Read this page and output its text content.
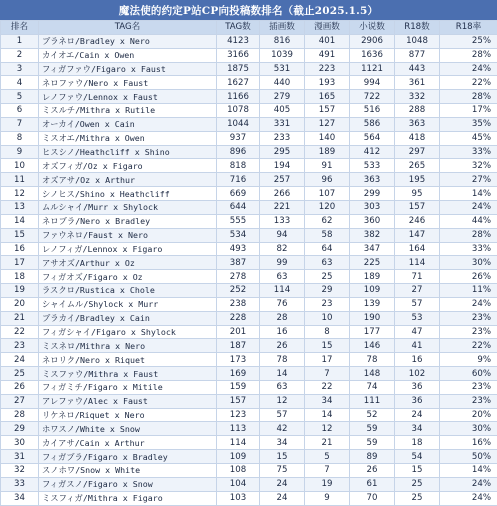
魔法使的约定P站CP向投稿数排名（截止2025.1.5）
排名	TAG名	TAG数	插画数	漫画数	小说数	R18数	R18率
1	ブラネロ/Bradley x Nero	4123	816	401	2906	1048	25%
2	カイオエ/Cain x Owen	3166	1039	491	1636	877	28%
3	フィガファウ/Figaro x Faust	1875	531	223	1121	443	24%
4	ネロファウ/Nero x Faust	1627	440	193	994	361	22%
5	レノファウ/Lennox x Faust	1166	279	165	722	332	28%
6	ミスルチ/Mithra x Rutile	1078	405	157	516	288	17%
7	オーカイ/Owen x Cain	1044	331	127	586	363	35%
8	ミスオエ/Mithra x Owen	937	233	140	564	418	45%
9	ヒスシノ/Heathcliff x Shino	896	295	189	412	297	33%
10	オズフィガ/Oz x Figaro	818	194	91	533	265	32%
11	オズアサ/Oz x Arthur	716	257	96	363	195	27%
12	シノヒス/Shino x Heathcliff	669	266	107	299	95	14%
13	ムルシャイ/Murr x Shylock	644	221	120	303	157	24%
14	ネロブラ/Nero x Bradley	555	133	62	360	246	44%
15	ファウネロ/Faust x Nero	534	94	58	382	147	28%
16	レノフィガ/Lennox x Figaro	493	82	64	347	164	33%
17	アサオズ/Arthur x Oz	387	99	63	225	114	30%
18	フィガオズ/Figaro x Oz	278	63	25	189	71	26%
19	ラスクロ/Rustica x Chole	252	114	29	109	27	11%
20	シャイムル/Shylock x Murr	238	76	23	139	57	24%
21	ブラカイ/Bradley x Cain	228	28	10	190	53	23%
22	フィガシャイ/Figaro x Shylock	201	16	8	177	47	23%
23	ミスネロ/Mithra x Nero	187	26	15	146	41	22%
24	ネロリク/Nero x Riquet	173	78	17	78	16	9%
25	ミスファウ/Mithra x Faust	169	14	7	148	102	60%
26	フィガミチ/Figaro x Mitile	159	63	22	74	36	23%
27	アレファウ/Alec x Faust	157	12	34	111	36	23%
28	リケネロ/Riquet x Nero	123	57	14	52	24	20%
29	ホワスノ/White x Snow	113	42	12	59	34	30%
30	カイアサ/Cain x Arthur	114	34	21	59	18	16%
31	フィガブラ/Figaro x Bradley	109	15	5	89	54	50%
32	スノホワ/Snow x White	108	75	7	26	15	14%
33	フィガスノ/Figaro x Snow	104	24	19	61	25	24%
34	ミスフィガ/Mithra x Figaro	103	24	9	70	25	24%
